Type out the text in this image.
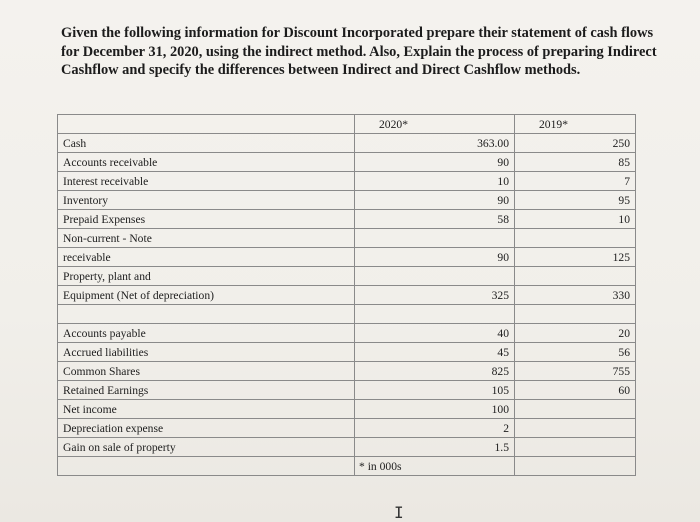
Given the following information for Discount Incorporated prepare their statement of cash flows for December 31, 2020, using the indirect method. Also, Explain the process of preparing Indirect Cashflow and specify the differences between Indirect and Direct Cashflow methods.

	2020*	2019*
Cash	363.00	250
Accounts receivable	90	85
Interest receivable	10	7
Inventory	90	95
Prepaid Expenses	58	10
Non-current - Note		
receivable	90	125
Property, plant and		
Equipment (Net of depreciation)	325	330

Accounts payable	40	20
Accrued liabilities	45	56
Common Shares	825	755
Retained Earnings	105	60
Net income	100	
Depreciation expense	2	
Gain on sale of property	1.5	
	* in 000s	
I
